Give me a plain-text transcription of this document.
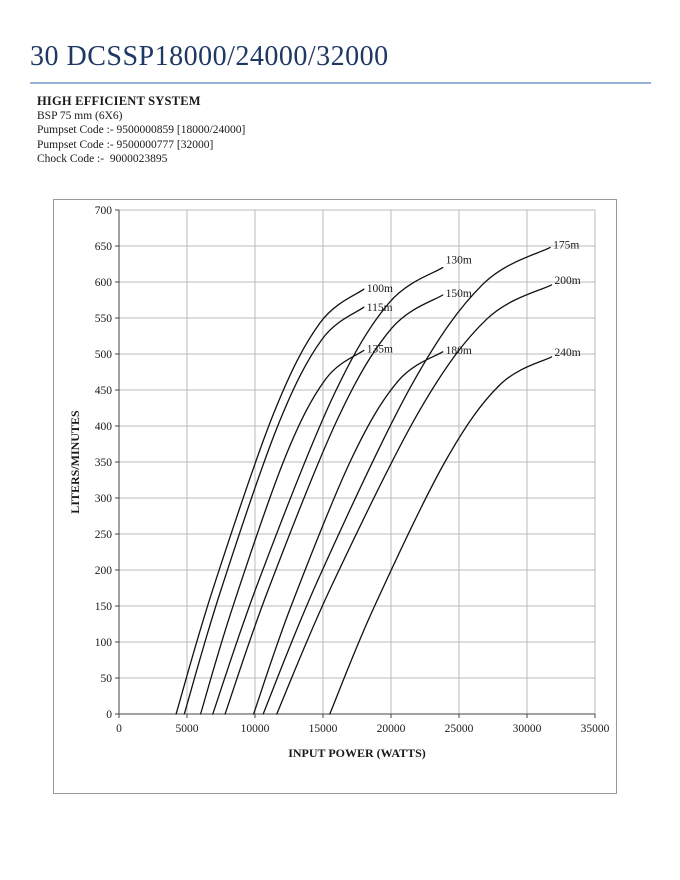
30 DCSSP18000/24000/32000
HIGH EFFICIENT SYSTEM
BSP 75 mm (6X6)
Pumpset Code :- 9500000859 [18000/24000]
Pumpset Code :- 9500000777 [32000]
Chock Code :-  9000023895
0	5000	10000	15000	20000	25000	30000	35000
0
50
100
150
200
250
300
350
400
450
500
550
600
650
700
INPUT POWER (WATTS)
LITERS/MINUTES
100m
115m
135m
130m
150m
180m
175m
200m
240m
